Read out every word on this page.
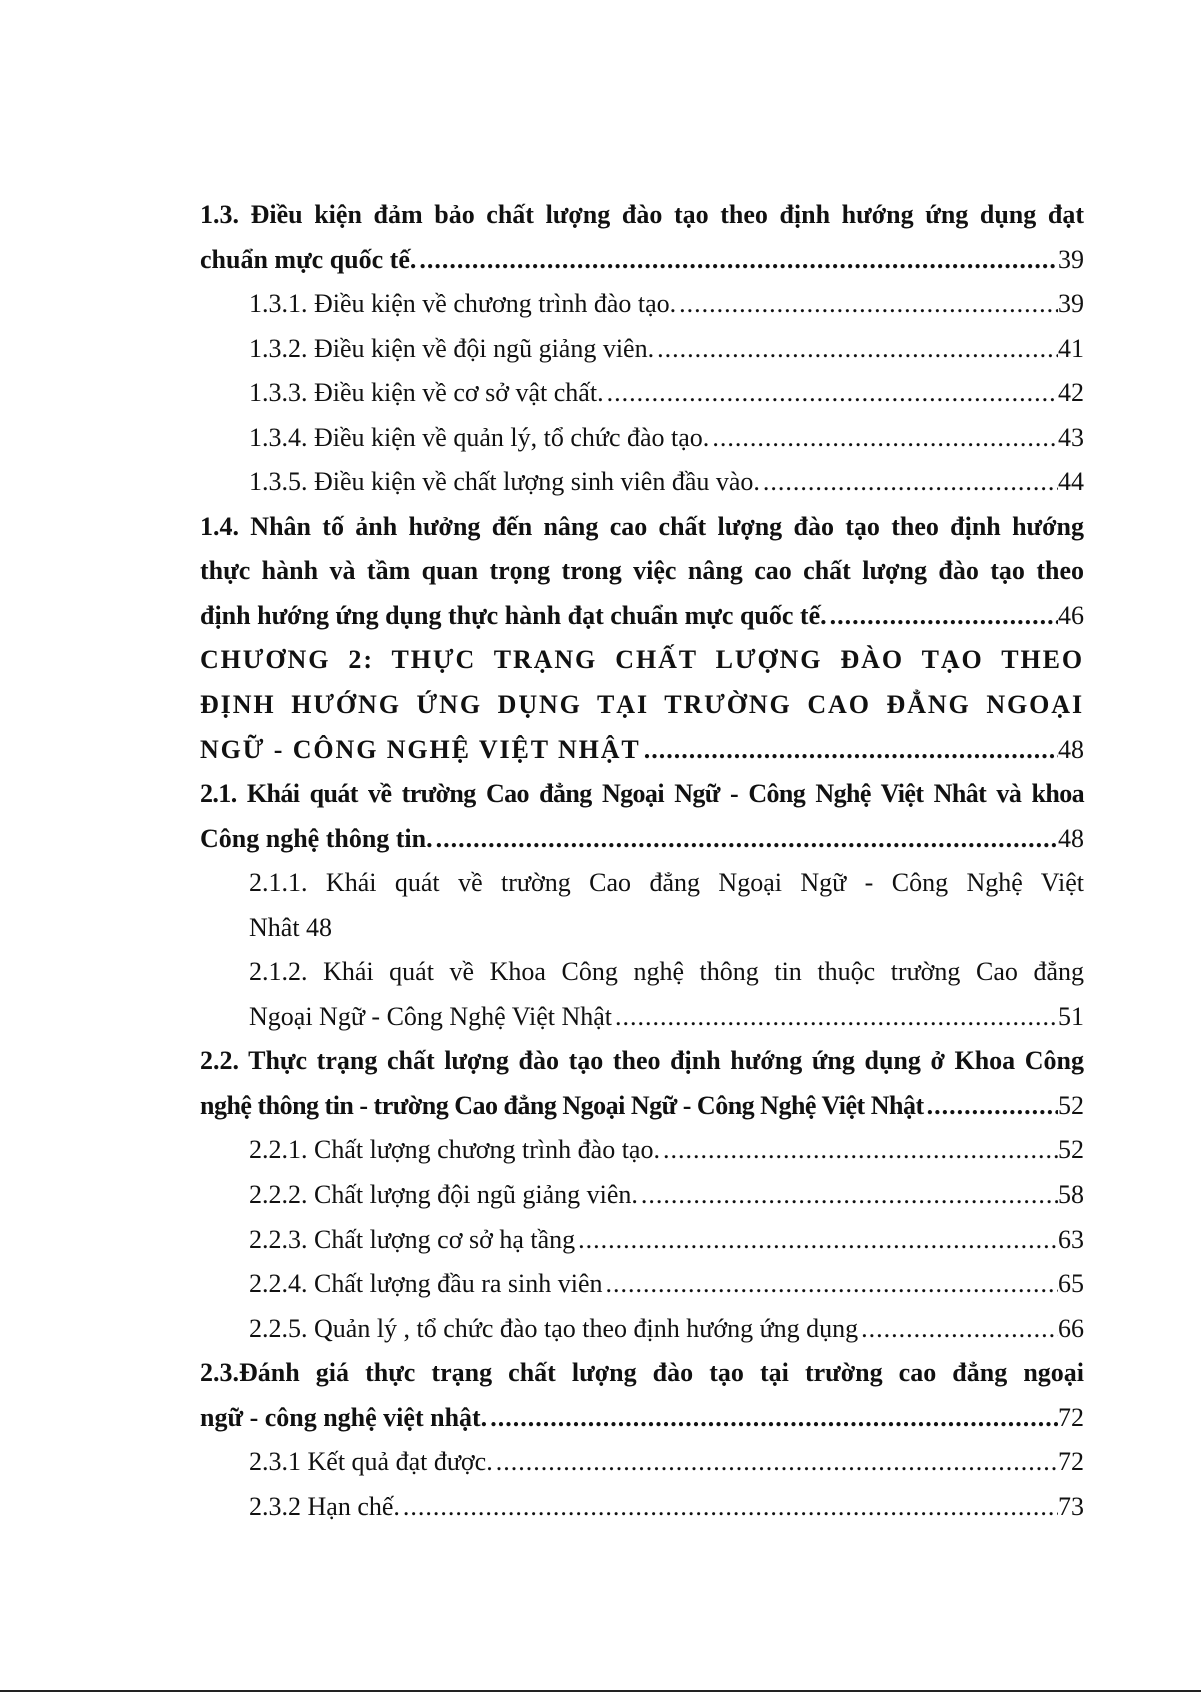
1.3. Điều kiện đảm bảo chất lượng đào tạo theo định hướng ứng dụng đạt
chuẩn mực quốc tế. .....	39
1.3.1. Điều kiện về chương trình đào tạo. .....	39
1.3.2. Điều kiện về đội ngũ giảng viên. .....	41
1.3.3. Điều kiện về cơ sở vật chất. .....	42
1.3.4. Điều kiện về quản lý, tổ chức đào tạo. .....	43
1.3.5. Điều kiện về chất lượng sinh viên đầu vào. .....	44
1.4. Nhân tố ảnh hưởng đến nâng cao chất lượng đào tạo theo định hướng
thực hành và tầm quan trọng trong việc nâng cao chất lượng đào tạo theo
định hướng ứng dụng thực hành đạt chuẩn mực quốc tế. .....	46
CHƯƠNG 2: THỰC TRẠNG CHẤT LƯỢNG ĐÀO TẠO THEO
ĐỊNH HƯỚNG ỨNG DỤNG TẠI TRƯỜNG CAO ĐẲNG NGOẠI
NGỮ - CÔNG NGHỆ VIỆT NHẬT .....	48
2.1. Khái quát về trường Cao đẳng Ngoại Ngữ - Công Nghệ Việt Nhât và khoa
Công nghệ thông tin. .....	48
2.1.1. Khái quát về trường Cao đẳng Ngoại Ngữ - Công Nghệ Việt
Nhât 48
2.1.2. Khái quát về Khoa Công nghệ thông tin thuộc trường Cao đẳng
Ngoại Ngữ - Công Nghệ Việt Nhật .....	51
2.2. Thực trạng chất lượng đào tạo theo định hướng ứng dụng ở Khoa Công
nghệ thông tin - trường Cao đẳng Ngoại Ngữ - Công Nghệ Việt Nhật .....	52
2.2.1. Chất lượng chương trình đào tạo. .....	52
2.2.2. Chất lượng đội ngũ giảng viên. .....	58
2.2.3. Chất lượng cơ sở hạ tầng .....	63
2.2.4. Chất lượng đầu ra sinh viên .....	65
2.2.5. Quản lý , tổ chức đào tạo theo định hướng ứng dụng .....	66
2.3.Đánh giá thực trạng chất lượng đào tạo tại trường cao đẳng ngoại
ngữ - công nghệ việt nhật. .....	72
2.3.1 Kết quả đạt được. .....	72
2.3.2 Hạn chế. .....	73
